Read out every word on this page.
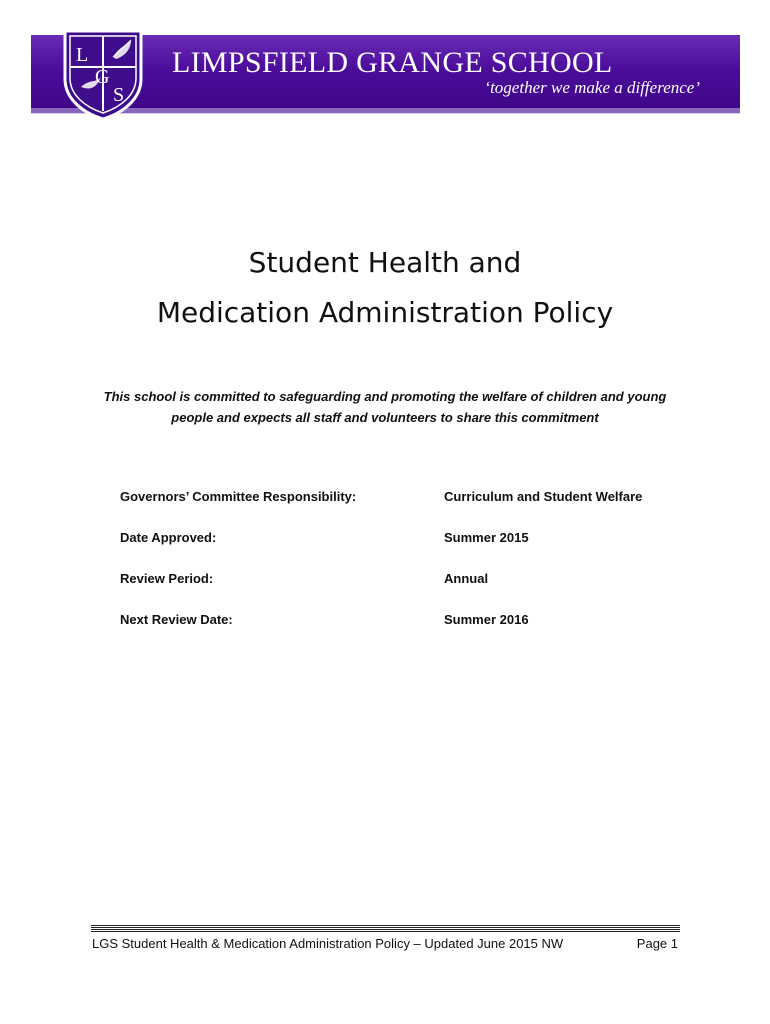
L
G
S
LIMPSFIELD GRANGE SCHOOL
‘together we make a difference’
Student Health and
Medication Administration Policy
This school is committed to safeguarding and promoting the welfare of children and young people and expects all staff and volunteers to share this commitment
Governors’ Committee Responsibility:	Curriculum and Student Welfare
Date Approved:	Summer 2015
Review Period:	Annual
Next Review Date:	Summer 2016
LGS Student Health & Medication Administration Policy – Updated June 2015 NW	Page 1
